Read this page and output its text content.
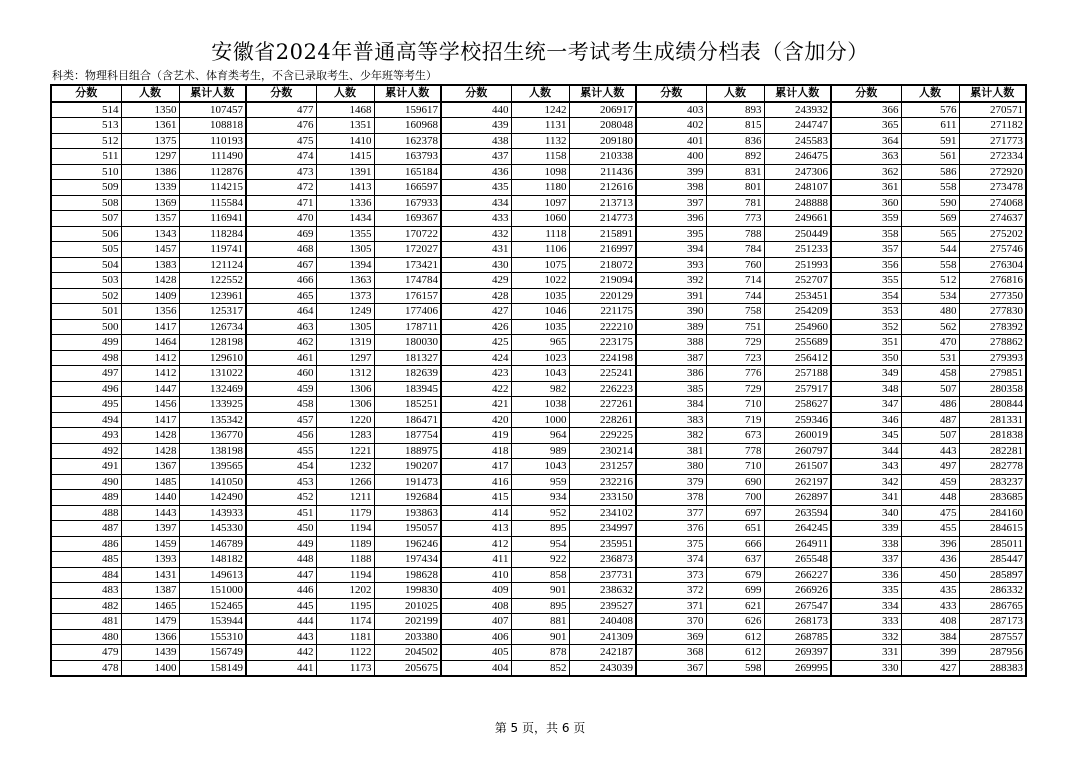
安徽省2024年普通高等学校招生统一考试考生成绩分档表（含加分）
科类：物理科目组合（含艺术、体育类考生，不含已录取考生、少年班等考生）
分数	人数	累计人数	分数	人数	累计人数	分数	人数	累计人数	分数	人数	累计人数	分数	人数	累计人数
514	1350	107457	477	1468	159617	440	1242	206917	403	893	243932	366	576	270571
513	1361	108818	476	1351	160968	439	1131	208048	402	815	244747	365	611	271182
512	1375	110193	475	1410	162378	438	1132	209180	401	836	245583	364	591	271773
511	1297	111490	474	1415	163793	437	1158	210338	400	892	246475	363	561	272334
510	1386	112876	473	1391	165184	436	1098	211436	399	831	247306	362	586	272920
509	1339	114215	472	1413	166597	435	1180	212616	398	801	248107	361	558	273478
508	1369	115584	471	1336	167933	434	1097	213713	397	781	248888	360	590	274068
507	1357	116941	470	1434	169367	433	1060	214773	396	773	249661	359	569	274637
506	1343	118284	469	1355	170722	432	1118	215891	395	788	250449	358	565	275202
505	1457	119741	468	1305	172027	431	1106	216997	394	784	251233	357	544	275746
504	1383	121124	467	1394	173421	430	1075	218072	393	760	251993	356	558	276304
503	1428	122552	466	1363	174784	429	1022	219094	392	714	252707	355	512	276816
502	1409	123961	465	1373	176157	428	1035	220129	391	744	253451	354	534	277350
501	1356	125317	464	1249	177406	427	1046	221175	390	758	254209	353	480	277830
500	1417	126734	463	1305	178711	426	1035	222210	389	751	254960	352	562	278392
499	1464	128198	462	1319	180030	425	965	223175	388	729	255689	351	470	278862
498	1412	129610	461	1297	181327	424	1023	224198	387	723	256412	350	531	279393
497	1412	131022	460	1312	182639	423	1043	225241	386	776	257188	349	458	279851
496	1447	132469	459	1306	183945	422	982	226223	385	729	257917	348	507	280358
495	1456	133925	458	1306	185251	421	1038	227261	384	710	258627	347	486	280844
494	1417	135342	457	1220	186471	420	1000	228261	383	719	259346	346	487	281331
493	1428	136770	456	1283	187754	419	964	229225	382	673	260019	345	507	281838
492	1428	138198	455	1221	188975	418	989	230214	381	778	260797	344	443	282281
491	1367	139565	454	1232	190207	417	1043	231257	380	710	261507	343	497	282778
490	1485	141050	453	1266	191473	416	959	232216	379	690	262197	342	459	283237
489	1440	142490	452	1211	192684	415	934	233150	378	700	262897	341	448	283685
488	1443	143933	451	1179	193863	414	952	234102	377	697	263594	340	475	284160
487	1397	145330	450	1194	195057	413	895	234997	376	651	264245	339	455	284615
486	1459	146789	449	1189	196246	412	954	235951	375	666	264911	338	396	285011
485	1393	148182	448	1188	197434	411	922	236873	374	637	265548	337	436	285447
484	1431	149613	447	1194	198628	410	858	237731	373	679	266227	336	450	285897
483	1387	151000	446	1202	199830	409	901	238632	372	699	266926	335	435	286332
482	1465	152465	445	1195	201025	408	895	239527	371	621	267547	334	433	286765
481	1479	153944	444	1174	202199	407	881	240408	370	626	268173	333	408	287173
480	1366	155310	443	1181	203380	406	901	241309	369	612	268785	332	384	287557
479	1439	156749	442	1122	204502	405	878	242187	368	612	269397	331	399	287956
478	1400	158149	441	1173	205675	404	852	243039	367	598	269995	330	427	288383
第 5 页，共 6 页
